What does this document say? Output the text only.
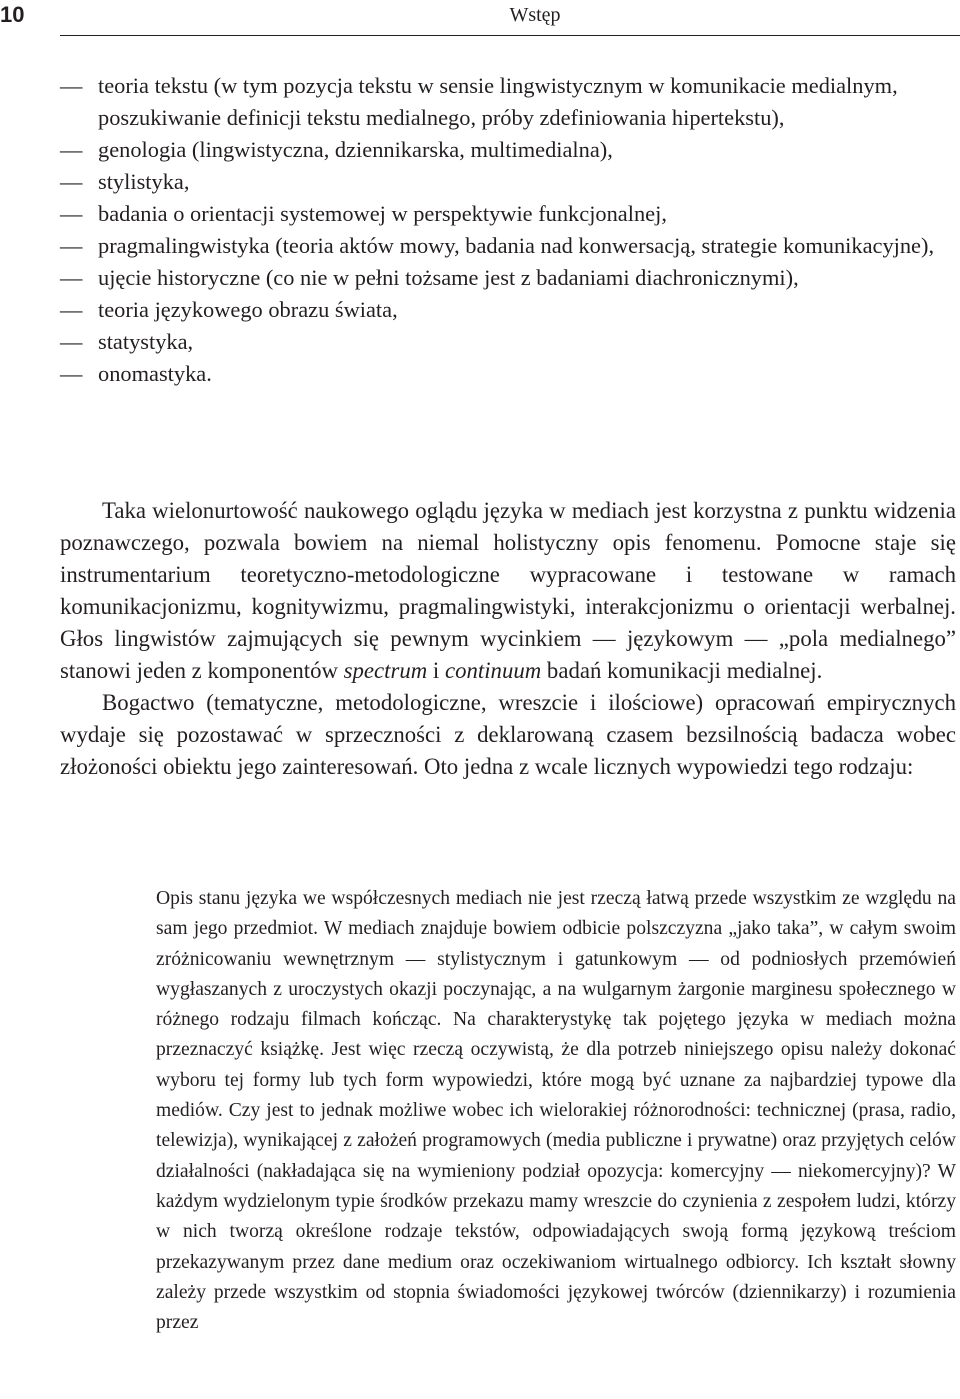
10	Wstęp
— teoria tekstu (w tym pozycja tekstu w sensie lingwistycznym w komunikacie medialnym, poszukiwanie definicji tekstu medialnego, próby zdefiniowania hipertekstu),
— genologia (lingwistyczna, dziennikarska, multimedialna),
— stylistyka,
— badania o orientacji systemowej w perspektywie funkcjonalnej,
— pragmalingwistyka (teoria aktów mowy, badania nad konwersacją, strategie komunikacyjne),
— ujęcie historyczne (co nie w pełni tożsame jest z badaniami diachronicznymi),
— teoria językowego obrazu świata,
— statystyka,
— onomastyka.

Taka wielonurtowość naukowego oglądu języka w mediach jest korzystna z punktu widzenia poznawczego, pozwala bowiem na niemal holistyczny opis fenomenu. Pomocne staje się instrumentarium teoretyczno-metodologiczne wypracowane i testowane w ramach komunikacjonizmu, kognitywizmu, pragmalingwistyki, interakcjonizmu o orientacji werbalnej. Głos lingwistów zajmujących się pewnym wycinkiem — językowym — „pola medialnego” stanowi jeden z komponentów spectrum i continuum badań komunikacji medialnej.

Bogactwo (tematyczne, metodologiczne, wreszcie i ilościowe) opracowań empirycznych wydaje się pozostawać w sprzeczności z deklarowaną czasem bezsilnością badacza wobec złożoności obiektu jego zainteresowań. Oto jedna z wcale licznych wypowiedzi tego rodzaju:

Opis stanu języka we współczesnych mediach nie jest rzeczą łatwą przede wszystkim ze względu na sam jego przedmiot. W mediach znajduje bowiem odbicie polszczyzna „jako taka”, w całym swoim zróżnicowaniu wewnętrznym — stylistycznym i gatunkowym — od podniosłych przemówień wygłaszanych z uroczystych okazji poczynając, a na wulgarnym żargonie marginesu społecznego w różnego rodzaju filmach kończąc. Na charakterystykę tak pojętego języka w mediach można przeznaczyć książkę. Jest więc rzeczą oczywistą, że dla potrzeb niniejszego opisu należy dokonać wyboru tej formy lub tych form wypowiedzi, które mogą być uznane za najbardziej typowe dla mediów. Czy jest to jednak możliwe wobec ich wielorakiej różnorodności: technicznej (prasa, radio, telewizja), wynikającej z założeń programowych (media publiczne i prywatne) oraz przyjętych celów działalności (nakładająca się na wymieniony podział opozycja: komercyjny — niekomercyjny)? W każdym wydzielonym typie środków przekazu mamy wreszcie do czynienia z zespołem ludzi, którzy w nich tworzą określone rodzaje tekstów, odpowiadających swoją formą językową treściom przekazywanym przez dane medium oraz oczekiwaniom wirtualnego odbiorcy. Ich kształt słowny zależy przede wszystkim od stopnia świadomości językowej twórców (dziennikarzy) i rozumienia przez
